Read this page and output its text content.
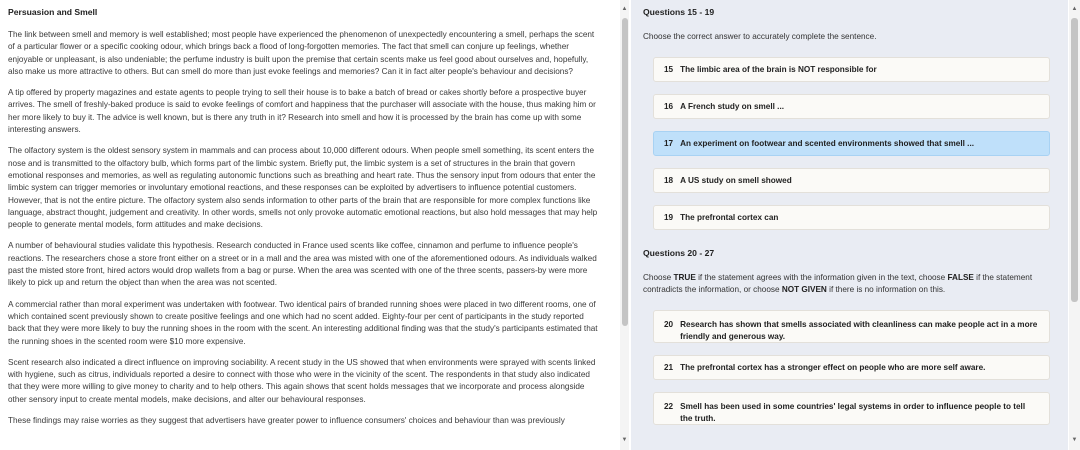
Persuasion and Smell

The link between smell and memory is well established; most people have experienced the phenomenon of unexpectedly encountering a smell, perhaps the scent of a particular flower or a specific cooking odour, which brings back a flood of long-forgotten memories. The fact that smell can conjure up feelings, whether enjoyable or unpleasant, is also undeniable; the perfume industry is built upon the premise that certain scents make us feel good about ourselves and, hopefully, also make us more attractive to others. But can smell do more than just evoke feelings and memories? Can it in fact alter people's behaviour and decisions?

A tip offered by property magazines and estate agents to people trying to sell their house is to bake a batch of bread or cakes shortly before a prospective buyer arrives. The smell of freshly-baked produce is said to evoke feelings of comfort and happiness that the purchaser will associate with the house, thus making him or her more likely to buy it. The advice is well known, but is there any truth in it? Research into smell and how it is processed by the brain has come up with some interesting answers.

The olfactory system is the oldest sensory system in mammals and can process about 10,000 different odours. When people smell something, its scent enters the nose and is transmitted to the olfactory bulb, which forms part of the limbic system. Briefly put, the limbic system is a set of structures in the brain that govern emotional responses and memories, as well as regulating autonomic functions such as breathing and heart rate. Thus the sensory input from odours that enter the limbic system can trigger memories or involuntary emotional reactions, and these responses can be exploited by advertisers to influence potential customers. However, that is not the entire picture. The olfactory system also sends information to other parts of the brain that are responsible for more complex functions like language, abstract thought, judgement and creativity. In other words, smells not only provoke automatic emotional reactions, but also hold messages that may help people to generate mental models, form attitudes and make decisions.

A number of behavioural studies validate this hypothesis. Research conducted in France used scents like coffee, cinnamon and perfume to influence people's reactions. The researchers chose a store front either on a street or in a mall and the area was misted with one of the aforementioned odours. As individuals walked past the misted store front, hired actors would drop wallets from a bag or purse. When the area was scented with one of the three scents, passers-by were more likely to pick up and return the object than when the area was not scented.

A commercial rather than moral experiment was undertaken with footwear. Two identical pairs of branded running shoes were placed in two different rooms, one of which contained scent previously shown to create positive feelings and one which had no scent added. Eighty-four per cent of participants in the study reported back that they were more likely to buy the running shoes in the room with the scent. An interesting additional finding was that the study's participants estimated that the running shoes in the scented room were $10 more expensive.

Scent research also indicated a direct influence on improving sociability. A recent study in the US showed that when environments were sprayed with scents linked with hygiene, such as citrus, individuals reported a desire to connect with those who were in the vicinity of the scent. The respondents in that study also indicated that they were more willing to give money to charity and to help others. This again shows that scent holds messages that we incorporate and process alongside other sensory input to create mental models, make decisions, and alter our behavioural responses.

These findings may raise worries as they suggest that advertisers have greater power to influence consumers' choices and behaviour than was previously

▲
▼
Questions 15 - 19
Choose the correct answer to accurately complete the sentence.
15 The limbic area of the brain is NOT responsible for
16 A French study on smell ...
17 An experiment on footwear and scented environments showed that smell ...
18 A US study on smell showed
19 The prefrontal cortex can
Questions 20 - 27
Choose TRUE if the statement agrees with the information given in the text, choose FALSE if the statement contradicts the information, or choose NOT GIVEN if there is no information on this.
20 Research has shown that smells associated with cleanliness can make people act in a more friendly and generous way.
21 The prefrontal cortex has a stronger effect on people who are more self aware.
22 Smell has been used in some countries' legal systems in order to influence people to tell the truth.
▲
▼
